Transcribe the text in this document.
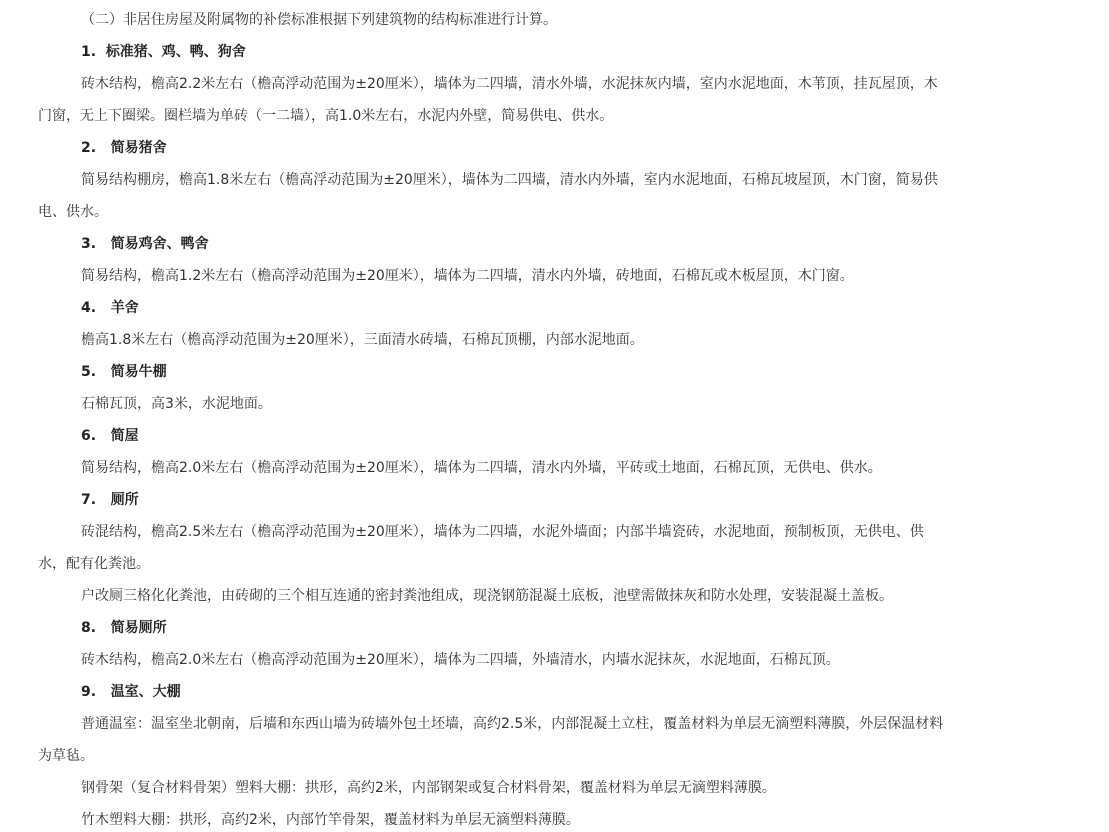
（二）非居住房屋及附属物的补偿标准根据下列建筑物的结构标准进行计算。
1. 标准猪、鸡、鸭、狗舍
砖木结构，檐高2.2米左右（檐高浮动范围为±20厘米），墙体为二四墙，清水外墙，水泥抹灰内墙，室内水泥地面，木苇顶，挂瓦屋顶，木
门窗，无上下圈梁。圈栏墙为单砖（一二墙），高1.0米左右，水泥内外壁，简易供电、供水。
2. 简易猪舍
简易结构棚房，檐高1.8米左右（檐高浮动范围为±20厘米），墙体为二四墙，清水内外墙，室内水泥地面，石棉瓦坡屋顶，木门窗，简易供
电、供水。
3. 简易鸡舍、鸭舍
简易结构，檐高1.2米左右（檐高浮动范围为±20厘米），墙体为二四墙，清水内外墙，砖地面，石棉瓦或木板屋顶，木门窗。
4. 羊舍
檐高1.8米左右（檐高浮动范围为±20厘米），三面清水砖墙，石棉瓦顶棚，内部水泥地面。
5. 简易牛棚
石棉瓦顶，高3米，水泥地面。
6. 简屋
简易结构，檐高2.0米左右（檐高浮动范围为±20厘米），墙体为二四墙，清水内外墙，平砖或土地面，石棉瓦顶，无供电、供水。
7. 厕所
砖混结构，檐高2.5米左右（檐高浮动范围为±20厘米），墙体为二四墙，水泥外墙面；内部半墙瓷砖，水泥地面，预制板顶，无供电、供
水，配有化粪池。
户改厕三格化化粪池，由砖砌的三个相互连通的密封粪池组成，现浇钢筋混凝土底板，池壁需做抹灰和防水处理，安装混凝土盖板。
8. 简易厕所
砖木结构，檐高2.0米左右（檐高浮动范围为±20厘米），墙体为二四墙，外墙清水，内墙水泥抹灰，水泥地面，石棉瓦顶。
9. 温室、大棚
普通温室：温室坐北朝南，后墙和东西山墙为砖墙外包土坯墙，高约2.5米，内部混凝土立柱，覆盖材料为单层无滴塑料薄膜，外层保温材料
为草毡。
钢骨架（复合材料骨架）塑料大棚：拱形，高约2米，内部钢架或复合材料骨架，覆盖材料为单层无滴塑料薄膜。
竹木塑料大棚：拱形，高约2米，内部竹竿骨架，覆盖材料为单层无滴塑料薄膜。
